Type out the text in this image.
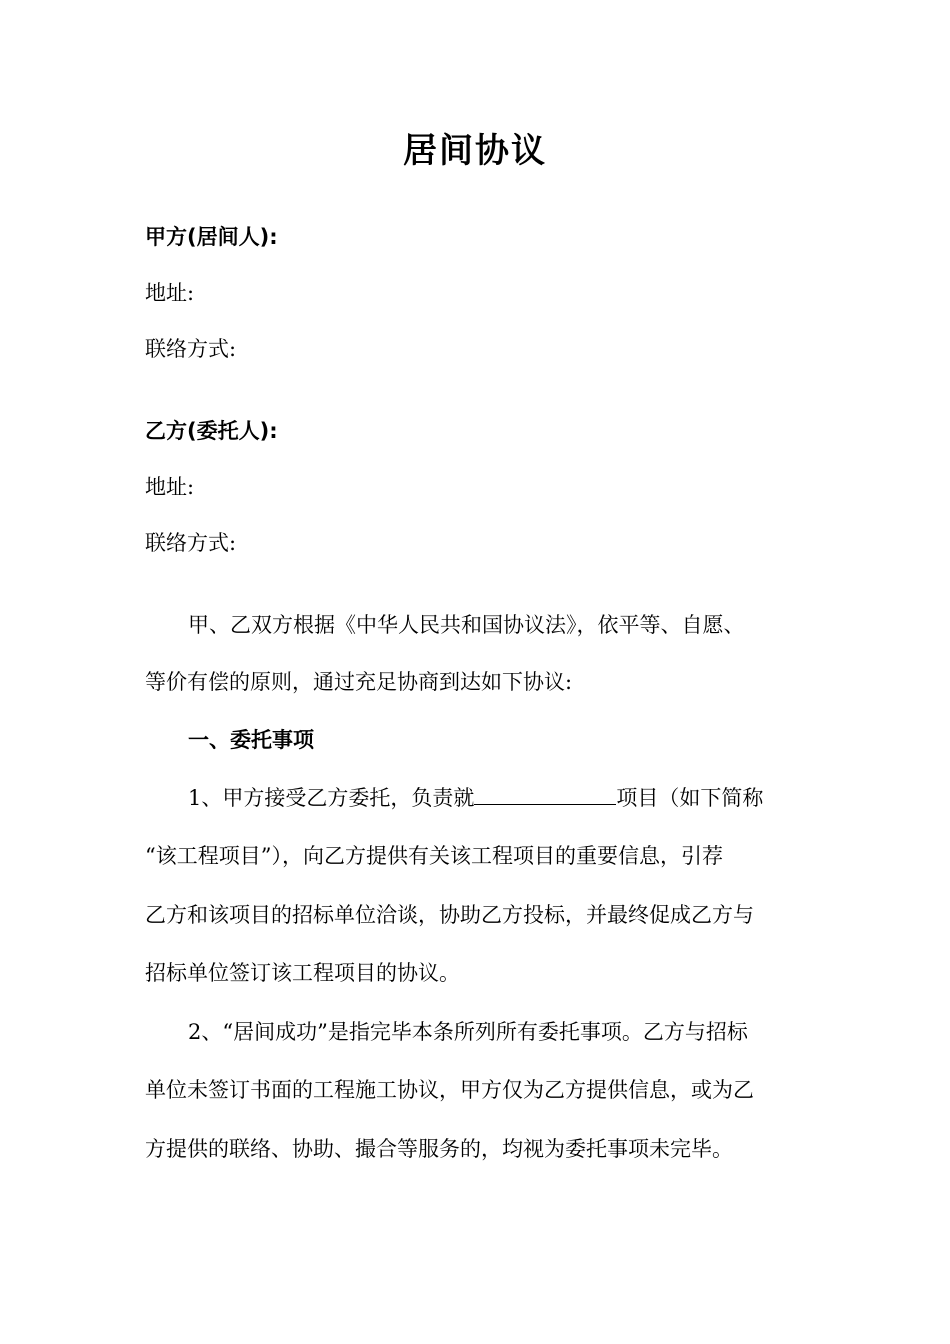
居间协议
甲方(居间人):
地址:
联络方式:
乙方(委托人):
地址:
联络方式:
甲、乙双方根据《中华人民共和国协议法》，依平等、自愿、
等价有偿的原则，通过充足协商到达如下协议:
一、委托事项
1、甲方接受乙方委托，负责就	项目（如下简称
“该工程项目”），向乙方提供有关该工程项目的重要信息，引荐
乙方和该项目的招标单位洽谈，协助乙方投标，并最终促成乙方与
招标单位签订该工程项目的协议。
2、“居间成功”是指完毕本条所列所有委托事项。乙方与招标
单位未签订书面的工程施工协议，甲方仅为乙方提供信息，或为乙
方提供的联络、协助、撮合等服务的，均视为委托事项未完毕。
